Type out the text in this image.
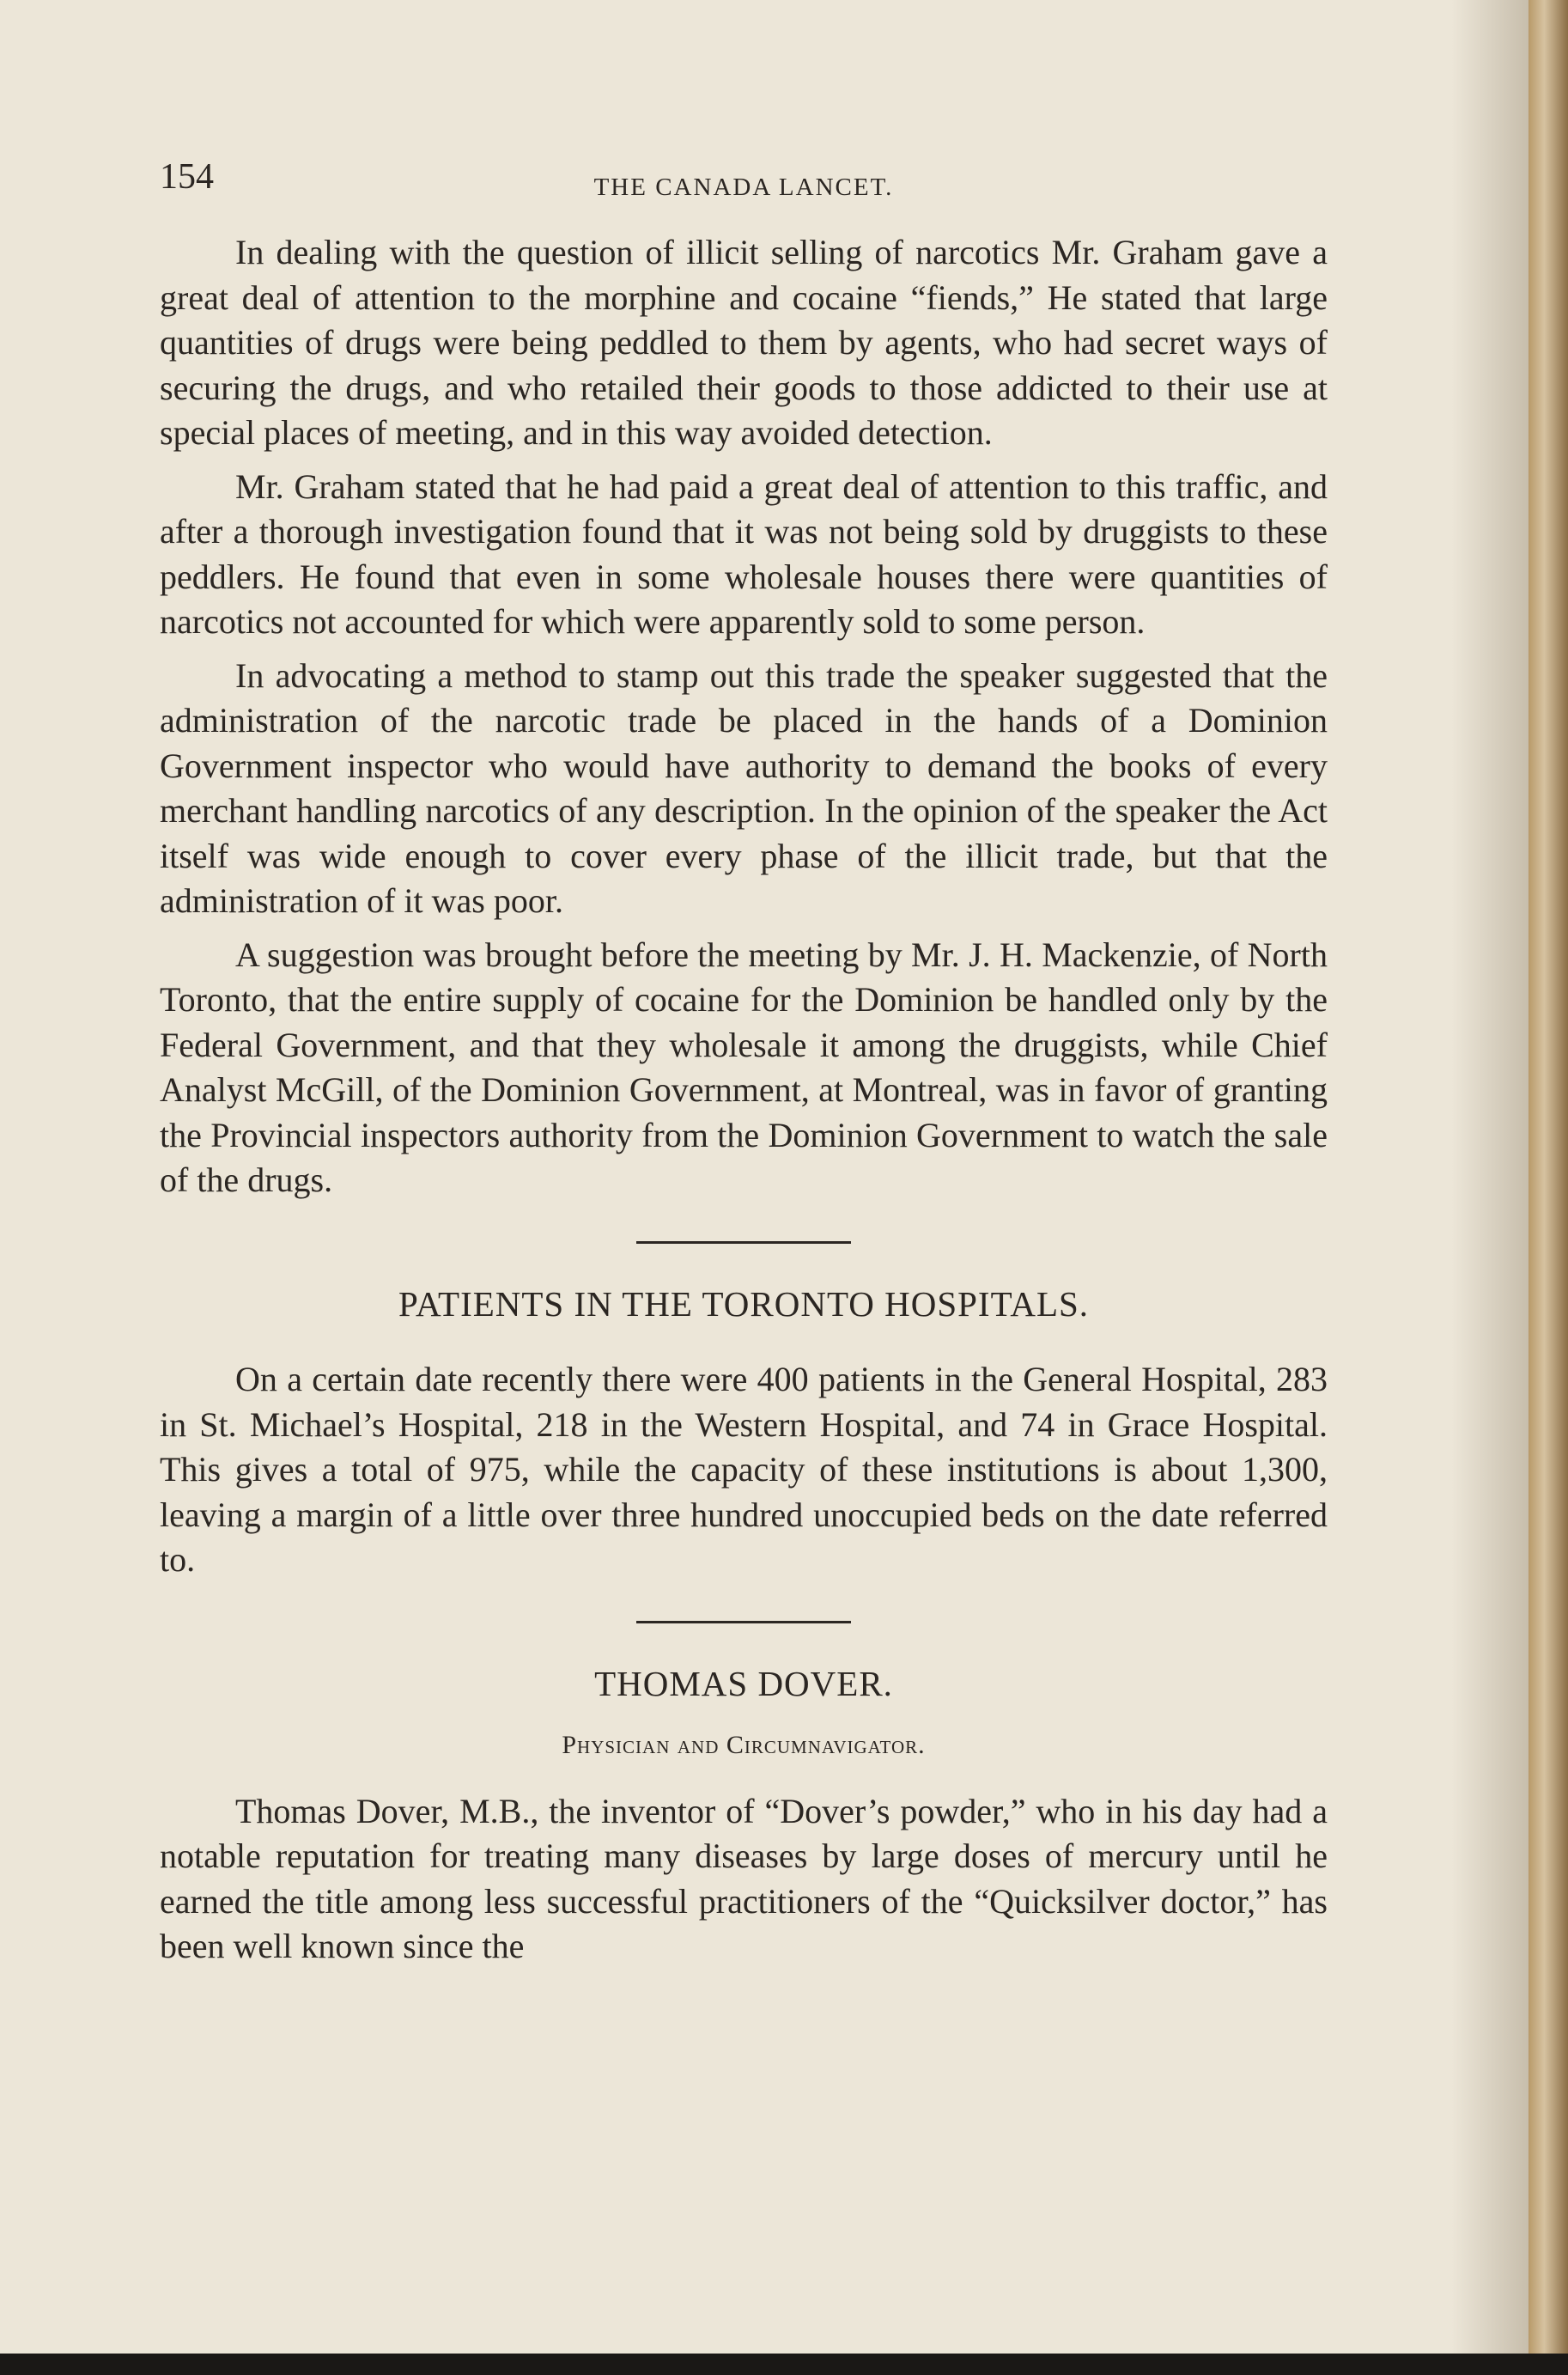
154	THE CANADA LANCET.

In dealing with the question of illicit selling of narcotics Mr. Graham gave a great deal of attention to the morphine and cocaine “fiends,” He stated that large quantities of drugs were being peddled to them by agents, who had secret ways of securing the drugs, and who retailed their goods to those addicted to their use at special places of meeting, and in this way avoided detection.

Mr. Graham stated that he had paid a great deal of attention to this traffic, and after a thorough investigation found that it was not being sold by druggists to these peddlers. He found that even in some wholesale houses there were quantities of narcotics not accounted for which were apparently sold to some person.

In advocating a method to stamp out this trade the speaker suggested that the administration of the narcotic trade be placed in the hands of a Dominion Government inspector who would have authority to demand the books of every merchant handling narcotics of any description. In the opinion of the speaker the Act itself was wide enough to cover every phase of the illicit trade, but that the administration of it was poor.

A suggestion was brought before the meeting by Mr. J. H. Mackenzie, of North Toronto, that the entire supply of cocaine for the Dominion be handled only by the Federal Government, and that they wholesale it among the druggists, while Chief Analyst McGill, of the Dominion Government, at Montreal, was in favor of granting the Provincial inspectors authority from the Dominion Government to watch the sale of the drugs.

PATIENTS IN THE TORONTO HOSPITALS.

On a certain date recently there were 400 patients in the General Hospital, 283 in St. Michael’s Hospital, 218 in the Western Hospital, and 74 in Grace Hospital. This gives a total of 975, while the capacity of these institutions is about 1,300, leaving a margin of a little over three hundred unoccupied beds on the date referred to.

THOMAS DOVER.
Physician and Circumnavigator.

Thomas Dover, M.B., the inventor of “Dover’s powder,” who in his day had a notable reputation for treating many diseases by large doses of mercury until he earned the title among less successful practitioners of the “Quicksilver doctor,” has been well known since the
